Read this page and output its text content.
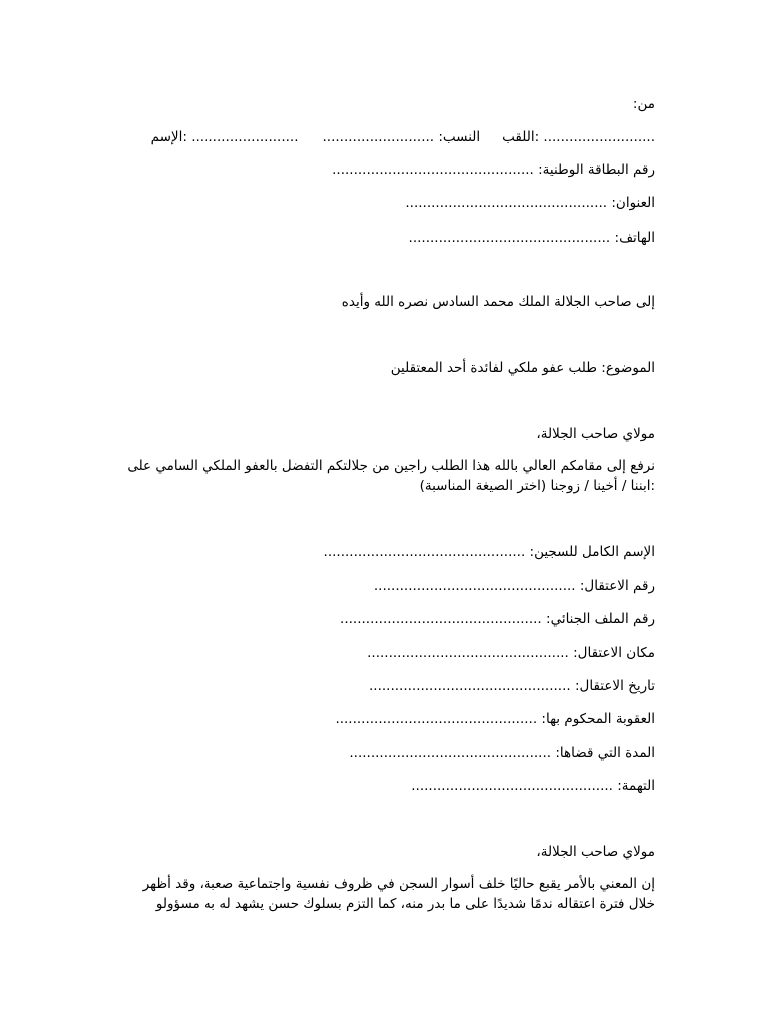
:من
اللقبالنسب: ................................................... :الإسم: ..........................
............................................... :رقم البطاقة الوطنية
............................................... :العنوان
............................................... :الهاتف
إلى صاحب الجلالة الملك محمد السادس نصره الله وأيده
الموضوع: طلب عفو ملكي لفائدة أحد المعتقلين
،مولاي صاحب الجلالة
نرفع إلى مقامكم العالي بالله هذا الطلب راجين من جلالتكم التفضل بالعفو الملكي السامي على
:ابننا / أخينا / زوجنا (اختر الصيغة المناسبة)
............................................... :الإسم الكامل للسجين
............................................... :رقم الاعتقال
............................................... :رقم الملف الجنائي
............................................... :مكان الاعتقال
............................................... :تاريخ الاعتقال
............................................... :العقوبة المحكوم بها
............................................... :المدة التي قضاها
............................................... :التهمة
،مولاي صاحب الجلالة
إن المعني بالأمر يقبع حاليًا خلف أسوار السجن في ظروف نفسية واجتماعية صعبة، وقد أظهر
خلال فترة اعتقاله ندمًا شديدًا على ما بدر منه، كما التزم بسلوك حسن يشهد له به مسؤولو
